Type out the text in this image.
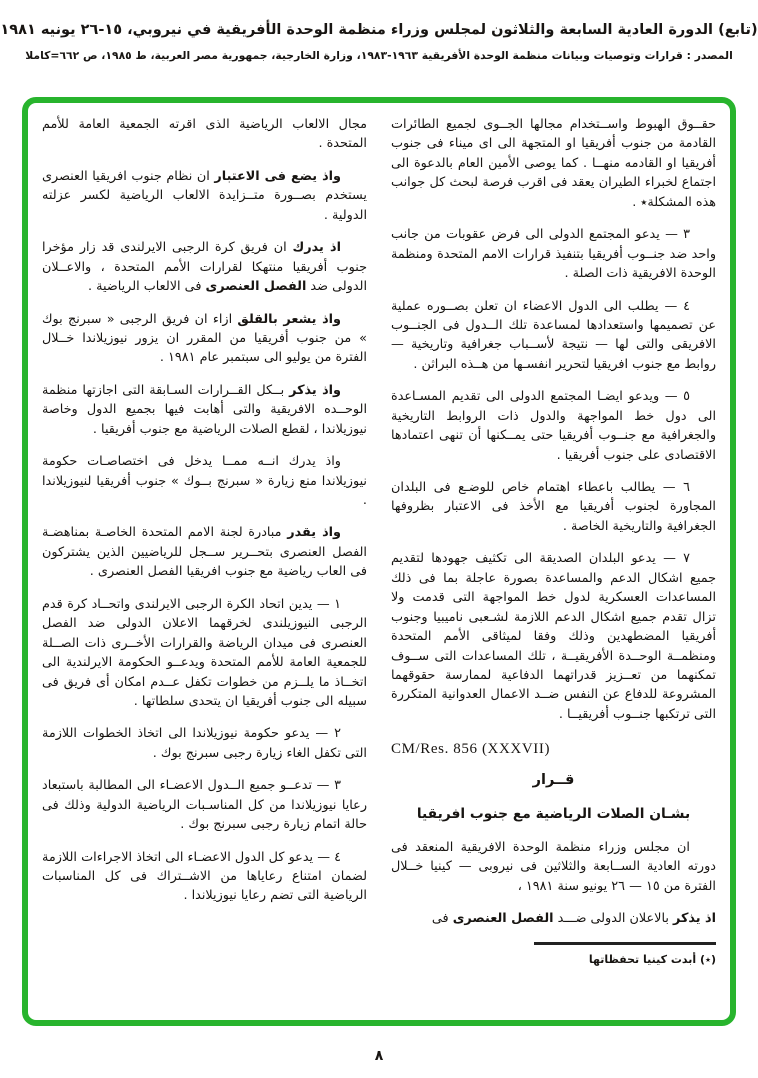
(تابع) الدورة العادية السابعة والثلاثون لمجلس وزراء منظمة الوحدة الأفريقية في نيروبي، ١٥-٢٦ يونيه ١٩٨١
المصدر : قرارات وتوصيات وبيانات منظمة الوحدة الأفريقية ١٩٦٣-١٩٨٣، وزارة الخارجية، جمهورية مصر العربية، ط ١٩٨٥، ص ٦٦٢=كاملا

حقــوق الهبوط واســتخدام مجالها الجــوى لجميع الطائرات القادمة من جنوب أفريقيا او المتجهة الى اى ميناء فى جنوب أفريقيا او القادمه منهــا . كما يوصى الأمين العام بالدعوة الى اجتماع لخبراء الطيران يعقد فى اقرب فرصة لبحث كل جوانب هذه المشكلة٭ .

٣ — يدعو المجتمع الدولى الى فرض عقوبات من جانب واحد ضد جنــوب أفريقيا بتنفيذ قرارات الامم المتحدة ومنظمة الوحدة الافريقية ذات الصلة .

٤ — يطلب الى الدول الاعضاء ان تعلن بصــوره عملية عن تصميمها واستعدادها لمساعدة تلك الــدول فى الجنــوب الافريقى والتى لها — نتيجة لأســباب جغرافية وتاريخية — روابط مع جنوب افريقيا لتحرير انفسـها من هــذه البراثن .

٥ — ويدعو ايضـا المجتمع الدولى الى تقديم المسـاعدة الى دول خط المواجهة والدول ذات الروابط التاريخية والجغرافية مع جنــوب أفريقيا حتى يمــكنها أن تنهى اعتمادها الاقتصادى على جنوب أفريقيا .

٦ — يطالب باعطاء اهتمام خاص للوضـع فى البلدان المجاورة لجنوب أفريقيا مع الأخذ فى الاعتبار بظروفها الجغرافية والتاريخية الخاصة .

٧ — يدعو البلدان الصديقة الى تكثيف جهودها لتقديم جميع اشكال الدعم والمساعدة بصورة عاجلة بما فى ذلك المساعدات العسكرية لدول خط المواجهة التى قدمت ولا تزال تقدم جميع اشكال الدعم اللازمة لشـعبى ناميبيا وجنوب أفريقيا المضطهدين وذلك وفقا لميثاقى الأمم المتحدة ومنظمــة الوحــدة الأفريقيــة ، تلك المساعدات التى ســوف تمكنهما من تعــزيز قدراتهما الدفاعية لممارسة حقوقهما المشروعة للدفاع عن النفس ضــد الاعمال العدوانية المتكررة التى ترتكبها جنــوب أفريقيــا .

CM/Res. 856 (XXXVII)

قــرار

بشـان الصلات الرياضية مع جنوب افريقيا

ان مجلس وزراء منظمة الوحدة الافريقية المنعقد فى دورته العادية الســابعة والثلاثين فى نيروبى — كينيا خــلال الفترة من ١٥ — ٢٦ يونيو سنة ١٩٨١ ،

اذ يذكر بالاعلان الدولى ضـــد الفصل العنصرى فى

(٭) أبدت كينيا تحفظاتها

مجال الالعاب الرياضية الذى اقرته الجمعية العامة للأمم المتحدة .

واذ يضع فى الاعتبار ان نظام جنوب افريقيا العنصرى يستخدم بصــورة متــزايدة الالعاب الرياضية لكسر عزلته الدولية .

اذ يدرك ان فريق كرة الرجبى الايرلندى قد زار مؤخرا جنوب أفريقيا منتهكا لقرارات الأمم المتحدة ، والاعــلان الدولى ضد الفصل العنصرى فى الالعاب الرياضية .

واذ يشعر بالقلق ازاء ان فريق الرجبى « سبرنج بوك » من جنوب أفريقيا من المقرر ان يزور نيوزيلاندا خــلال الفترة من يوليو الى سبتمبر عام ١٩٨١ .

واذ يذكر بــكل القــرارات السـابقة التى اجازتها منظمة الوحــده الافريقية والتى أهابت فيها بجميع الدول وخاصة نيوزيلاندا ، لقطع الصلات الرياضية مع جنوب أفريقيا .

واذ يدرك انــه ممــا يدخل فى اختصاصـات حكومة نيوزيلاندا منع زيارة « سبرنج بــوك » جنوب أفريقيا لنيوزيلاندا .

واذ يقدر مبادرة لجنة الامم المتحدة الخاصـة بمناهضـة الفصل العنصرى بتحــرير ســجل للرياضيين الذين يشتركون فى العاب رياضية مع جنوب افريقيا الفصل العنصرى .

١ — يدين اتحاد الكرة الرجبى الايرلندى واتحــاد كرة قدم الرجبى النيوزيلندى لخرقهما الاعلان الدولى ضد الفصل العنصرى فى ميدان الرياضة والقرارات الأخــرى ذات الصــلة للجمعية العامة للأمم المتحدة ويدعــو الحكومة الايرلندية الى اتخــاذ ما يلــزم من خطوات تكفل عــدم امكان أى فريق فى سبيله الى جنوب أفريقيا ان يتحدى سلطاتها .

٢ — يدعو حكومة نيوزيلاندا الى اتخاذ الخطوات اللازمة التى تكفل الغاء زيارة رجبى سبرنج بوك .

٣ — تدعــو جميع الــدول الاعضـاء الى المطالبة باستبعاد رعايا نيوزيلاندا من كل المناسـبات الرياضية الدولية وذلك فى حالة اتمام زيارة رجبى سبرنج بوك .

٤ — يدعو كل الدول الاعضـاء الى اتخاذ الاجراءات اللازمة لضمان امتناع رعاياها من الاشــتراك فى كل المناسبات الرياضية التى تضم رعايا نيوزيلاندا .

٨
